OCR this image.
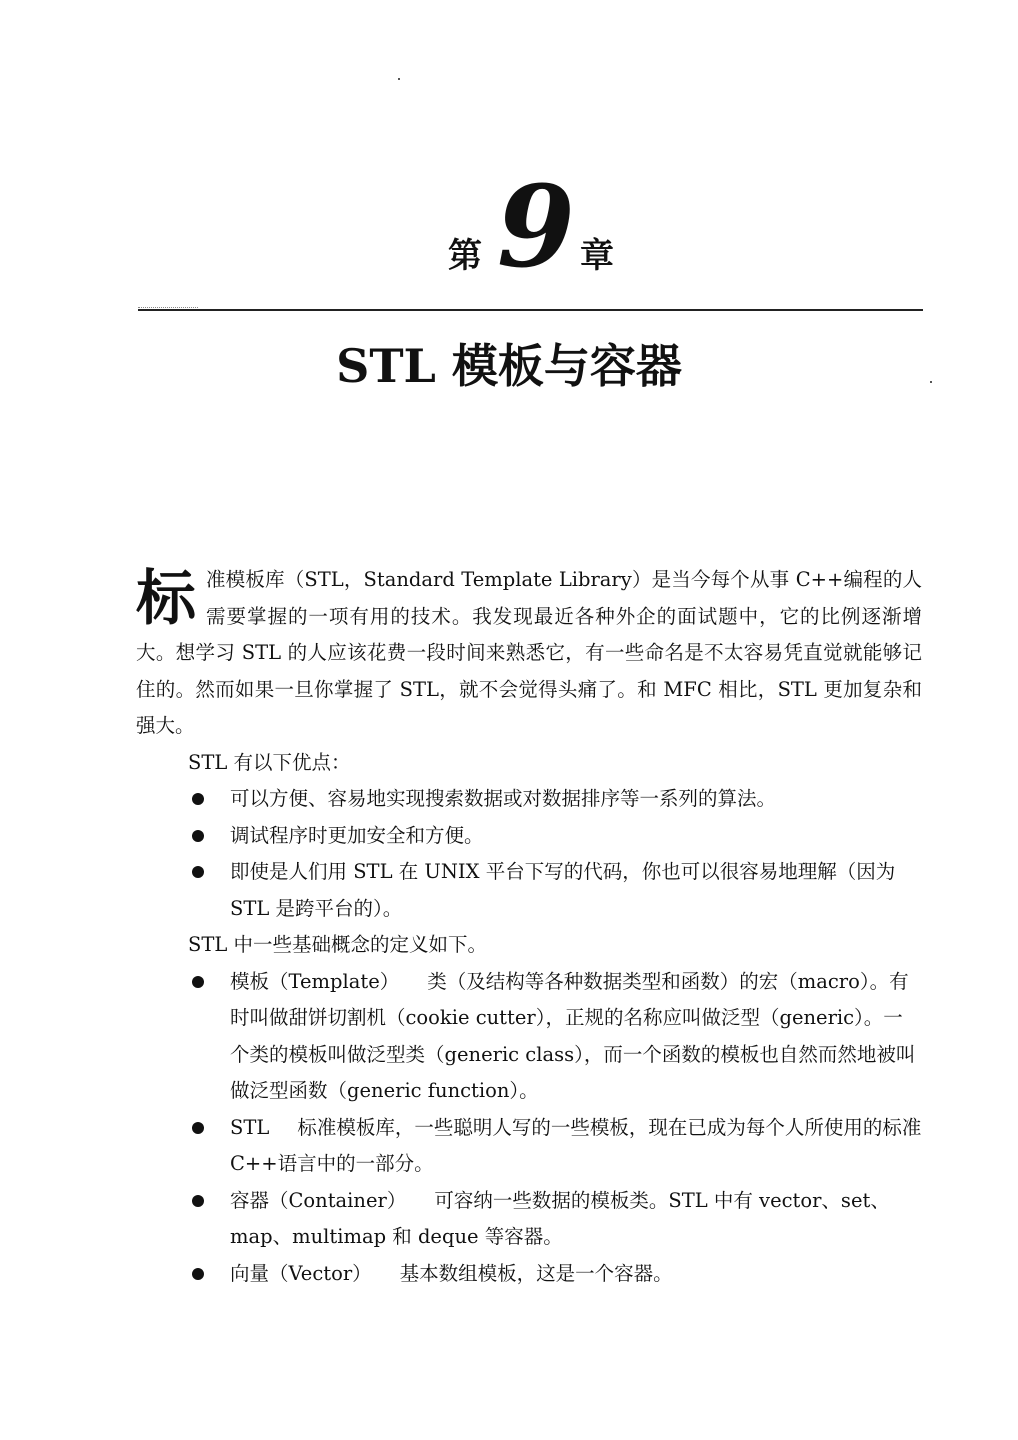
第 9 章
STL 模板与容器

标 准模板库（STL，Standard Template Library）是当今每个从事 C++编程的人需要掌握的一项有用的技术。我发现最近各种外企的面试题中，它的比例逐渐增大。想学习 STL 的人应该花费一段时间来熟悉它，有一些命名是不太容易凭直觉就能够记住的。然而如果一旦你掌握了 STL，就不会觉得头痛了。和 MFC 相比，STL 更加复杂和强大。

STL 有以下优点：

可以方便、容易地实现搜索数据或对数据排序等一系列的算法。
调试程序时更加安全和方便。
即使是人们用 STL 在 UNIX 平台下写的代码，你也可以很容易地理解（因为 STL 是跨平台的）。

STL 中一些基础概念的定义如下。

模板（Template） 类（及结构等各种数据类型和函数）的宏（macro）。有时叫做甜饼切割机（cookie cutter），正规的名称应叫做泛型（generic）。一个类的模板叫做泛型类（generic class），而一个函数的模板也自然而然地被叫做泛型函数（generic function）。
STL 标准模板库，一些聪明人写的一些模板，现在已成为每个人所使用的标准 C++语言中的一部分。
容器（Container） 可容纳一些数据的模板类。STL 中有 vector、set、map、multimap 和 deque 等容器。
向量（Vector） 基本数组模板，这是一个容器。
